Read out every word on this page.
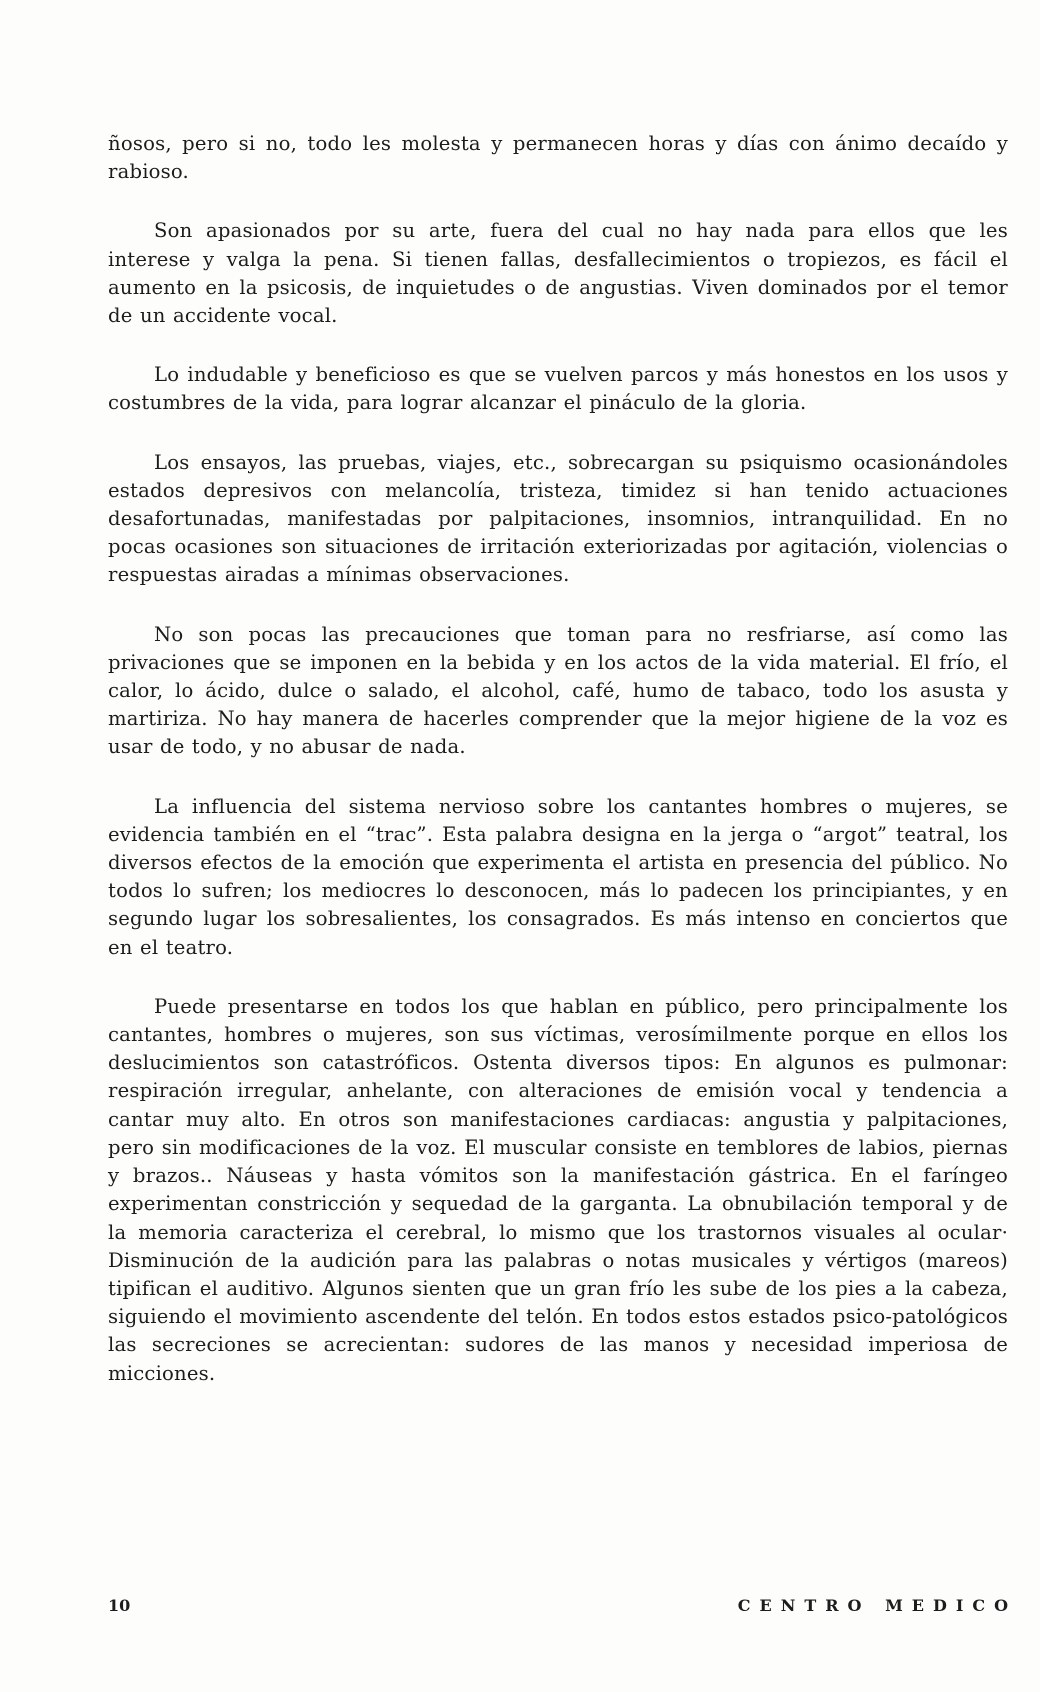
ñosos, pero si no, todo les molesta y permanecen horas y días con ánimo decaído y rabioso.

Son apasionados por su arte, fuera del cual no hay nada para ellos que les interese y valga la pena. Si tienen fallas, desfallecimientos o tropiezos, es fácil el aumento en la psicosis, de inquietudes o de angustias. Viven dominados por el temor de un accidente vocal.

Lo indudable y beneficioso es que se vuelven parcos y más honestos en los usos y costumbres de la vida, para lograr alcanzar el pináculo de la gloria.

Los ensayos, las pruebas, viajes, etc., sobrecargan su psiquismo ocasionándoles estados depresivos con melancolía, tristeza, timidez si han tenido actuaciones desafortunadas, manifestadas por palpitaciones, insomnios, intranquilidad. En no pocas ocasiones son situaciones de irritación exteriorizadas por agitación, violencias o respuestas airadas a mínimas observaciones.

No son pocas las precauciones que toman para no resfriarse, así como las privaciones que se imponen en la bebida y en los actos de la vida material. El frío, el calor, lo ácido, dulce o salado, el alcohol, café, humo de tabaco, todo los asusta y martiriza. No hay manera de hacerles comprender que la mejor higiene de la voz es usar de todo, y no abusar de nada.

La influencia del sistema nervioso sobre los cantantes hombres o mujeres, se evidencia también en el “trac”. Esta palabra designa en la jerga o “argot” teatral, los diversos efectos de la emoción que experimenta el artista en presencia del público. No todos lo sufren; los mediocres lo desconocen, más lo padecen los principiantes, y en segundo lugar los sobresalientes, los consagrados. Es más intenso en conciertos que en el teatro.

Puede presentarse en todos los que hablan en público, pero principalmente los cantantes, hombres o mujeres, son sus víctimas, verosímilmente porque en ellos los deslucimientos son catastróficos. Ostenta diversos tipos: En algunos es pulmonar: respiración irregular, anhelante, con alteraciones de emisión vocal y tendencia a cantar muy alto. En otros son manifestaciones cardiacas: angustia y palpitaciones, pero sin modificaciones de la voz. El muscular consiste en temblores de labios, piernas y brazos.. Náuseas y hasta vómitos son la manifestación gástrica. En el faríngeo experimentan constricción y sequedad de la garganta. La obnubilación temporal y de la memoria caracteriza el cerebral, lo mismo que los trastornos visuales al ocular· Disminución de la audición para las palabras o notas musicales y vértigos (mareos) tipifican el auditivo. Algunos sienten que un gran frío les sube de los pies a la cabeza, siguiendo el movimiento ascendente del telón. En todos estos estados psico-patológicos las secreciones se acrecientan: sudores de las manos y necesidad imperiosa de micciones.

10	CENTRO MEDICO
